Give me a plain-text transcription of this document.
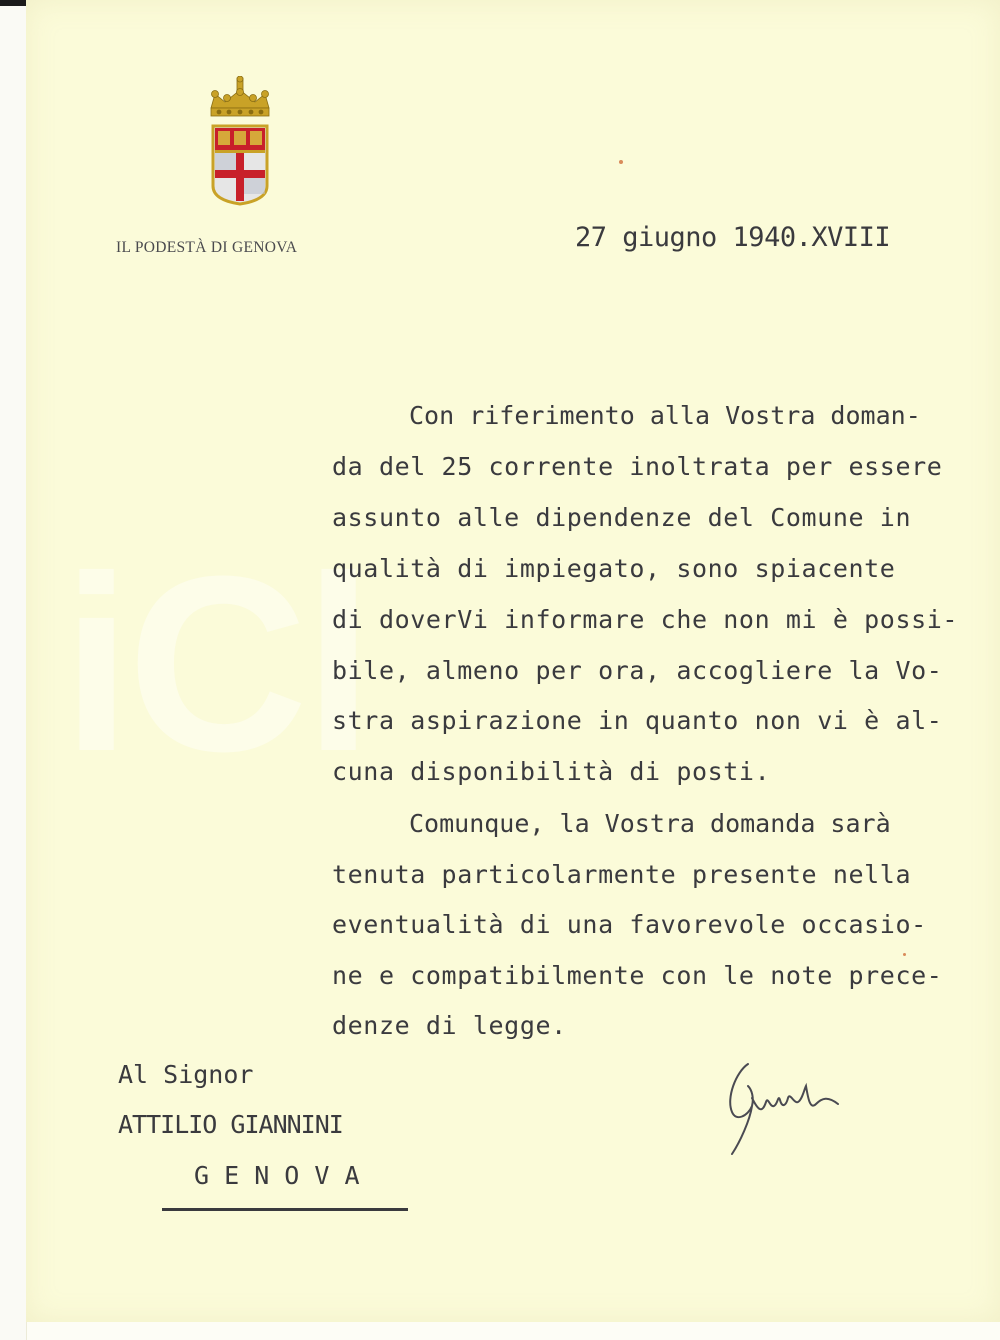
iCl
IL PODESTÀ DI GENOVA	27 giugno 1940.XVIII
Con riferimento alla Vostra doman-
da del 25 corrente inoltrata per essere
assunto alle dipendenze del Comune in
qualità di impiegato, sono spiacente
di doverVi informare che non mi è possi-
bile, almeno per ora, accogliere la Vo-
stra aspirazione in quanto non vi è al-
cuna disponibilità di posti.
Comunque, la Vostra domanda sarà
tenuta particolarmente presente nella
eventualità di una favorevole occasio-
ne e compatibilmente con le note prece-
denze di legge.
Al Signor
ATTILIO GIANNINI
G E N O V A
